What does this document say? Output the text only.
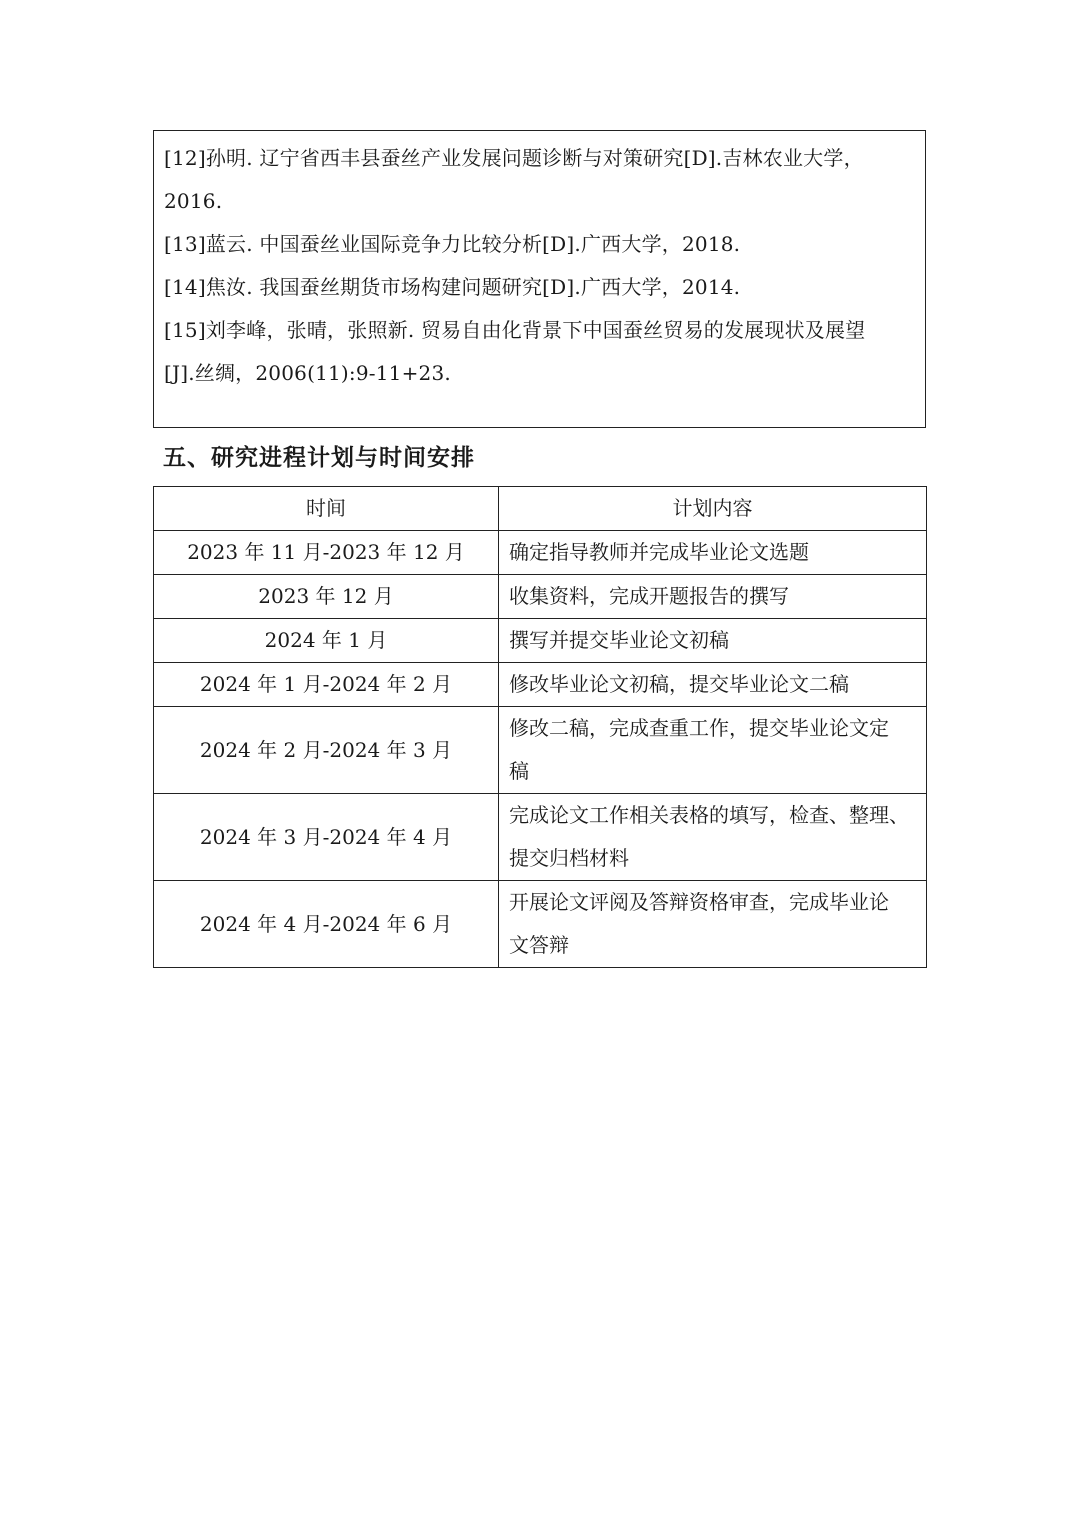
[12]孙明. 辽宁省西丰县蚕丝产业发展问题诊断与对策研究[D].吉林农业大学，
2016.
[13]蓝云. 中国蚕丝业国际竞争力比较分析[D].广西大学，2018.
[14]焦汝. 我国蚕丝期货市场构建问题研究[D].广西大学，2014.
[15]刘李峰，张晴，张照新. 贸易自由化背景下中国蚕丝贸易的发展现状及展望
[J].丝绸，2006(11):9-11+23.
五、研究进程计划与时间安排
时间	计划内容
2023 年 11 月-2023 年 12 月	确定指导教师并完成毕业论文选题
2023 年 12 月	收集资料，完成开题报告的撰写
2024 年 1 月	撰写并提交毕业论文初稿
2024 年 1 月-2024 年 2 月	修改毕业论文初稿，提交毕业论文二稿
2024 年 2 月-2024 年 3 月	修改二稿，完成查重工作，提交毕业论文定
稿

2024 年 3 月-2024 年 4 月	完成论文工作相关表格的填写，检查、整理、
提交归档材料

2024 年 4 月-2024 年 6 月	开展论文评阅及答辩资格审查，完成毕业论
文答辩
